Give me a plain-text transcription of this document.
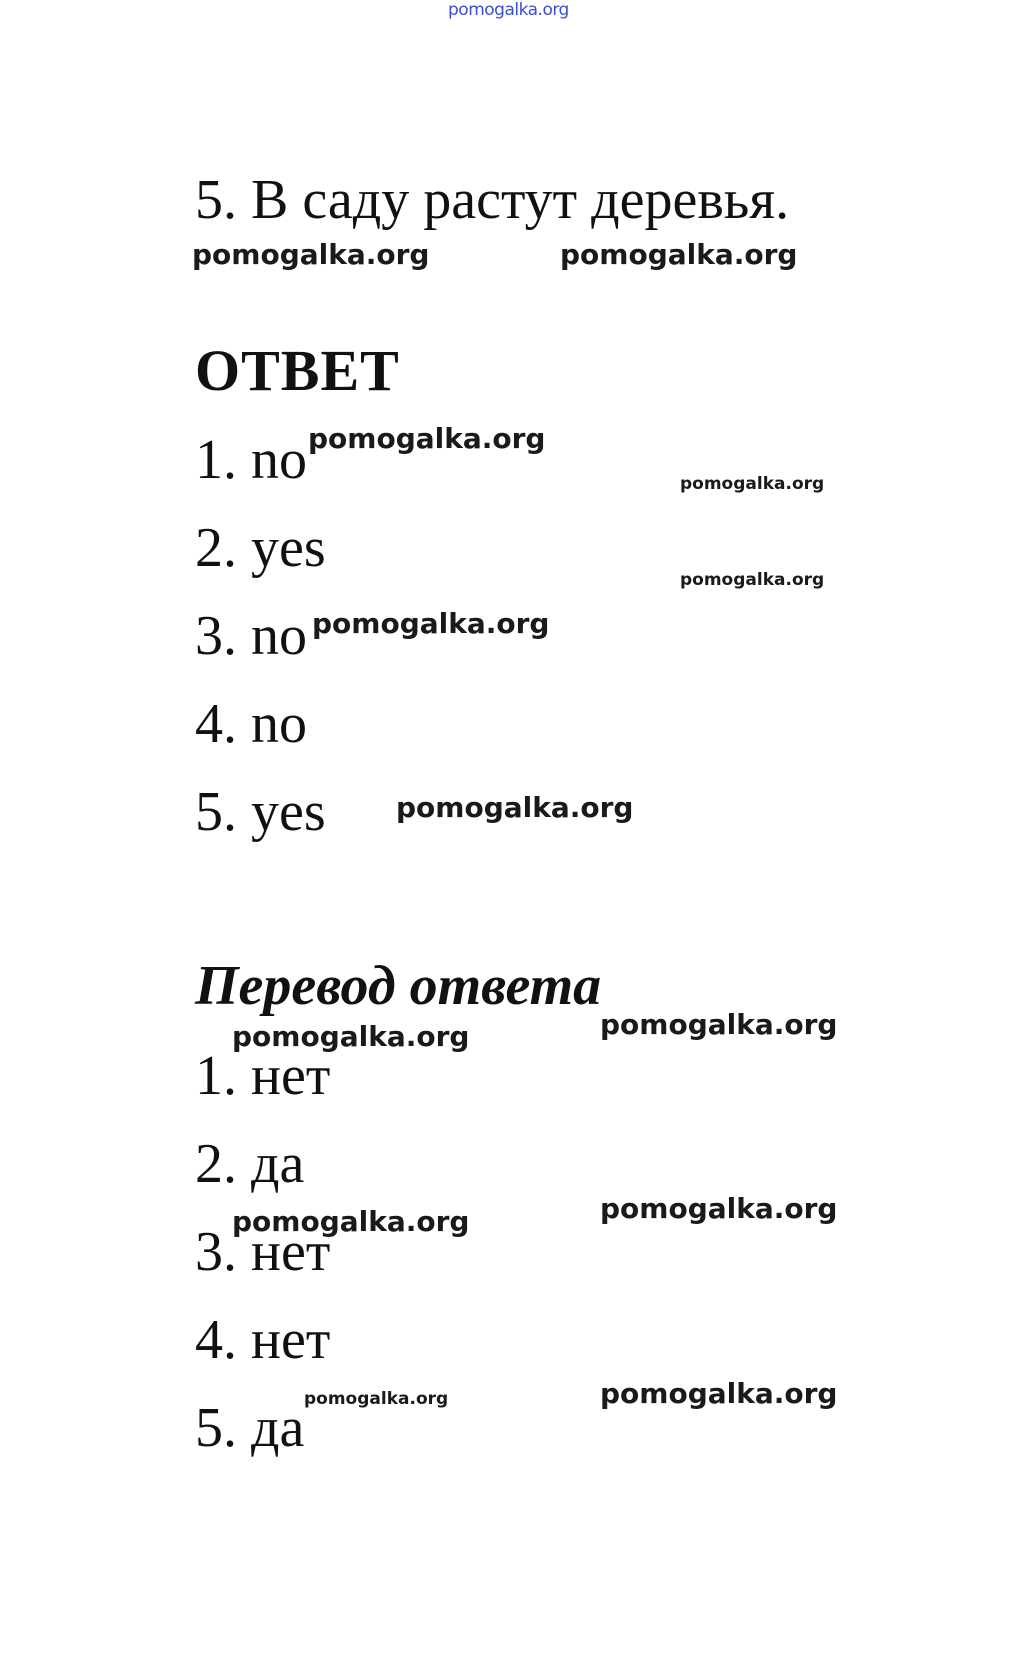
pomogalka.org
5. В саду растут деревья.
ОТВЕТ
1. no
2. yes
3. no
4. no
5. yes
Перевод ответа
1. нет
2. да
3. нет
4. нет
5. да
pomogalka.org	pomogalka.org
pomogalka.org
pomogalka.org
pomogalka.org
pomogalka.org
pomogalka.org
pomogalka.org	pomogalka.org
pomogalka.org	pomogalka.org
pomogalka.org	pomogalka.org
